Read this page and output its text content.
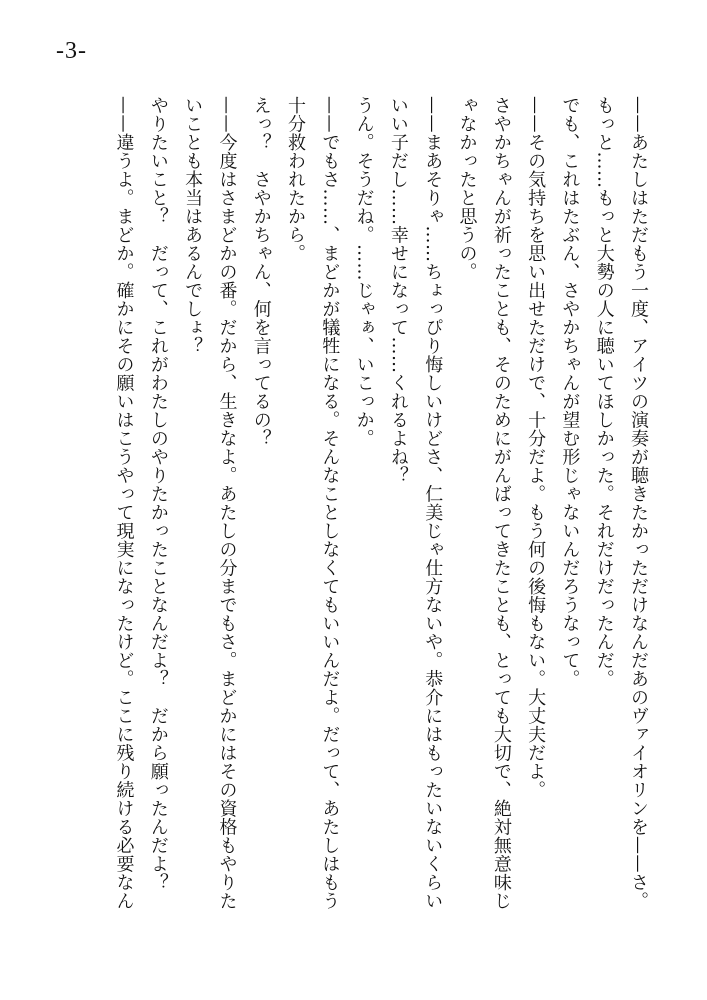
-3-
——あたしはただもう一度、アイツの演奏が聴きたかっただけなんだあのヴァイオリンを——さ。
もっと……もっと大勢の人に聴いてほしかった。それだけだったんだ。
でも、これはたぶん、さやかちゃんが望む形じゃないんだろうなって。
——その気持ちを思い出せただけで、十分だよ。もう何の後悔もない。大丈夫だよ。
さやかちゃんが祈ったことも、そのためにがんばってきたことも、とっても大切で、絶対無意味じ
ゃなかったと思うの。
——まあそりゃ……ちょっぴり悔しいけどさ、仁美じゃ仕方ないや。恭介にはもったいないくらい
いい子だし……幸せになって……くれるよね？
うん。そうだね。……じゃぁ、いこっか。
——でもさ……、まどかが犠牲になる。そんなことしなくてもいいんだよ。だって、あたしはもう
十分救われたから。
えっ？　さやかちゃん、何を言ってるの？
——今度はさまどかの番。だから、生きなよ。あたしの分までもさ。まどかにはその資格もやりた
いことも本当はあるんでしょ？
やりたいこと？　だって、これがわたしのやりたかったことなんだよ？　だから願ったんだよ？
——違うよ。まどか。確かにその願いはこうやって現実になったけど。ここに残り続ける必要なん
